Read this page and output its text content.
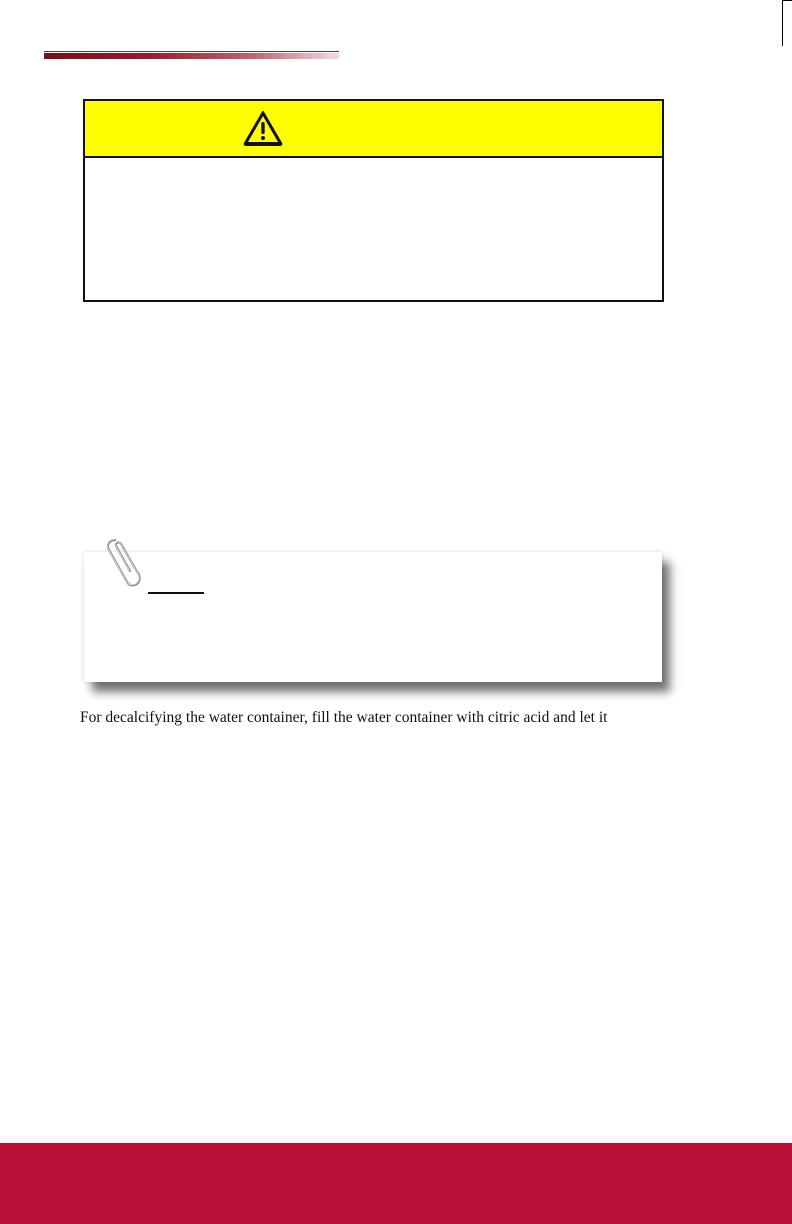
For decalcifying the water container, fill the water container with citric acid and let it
